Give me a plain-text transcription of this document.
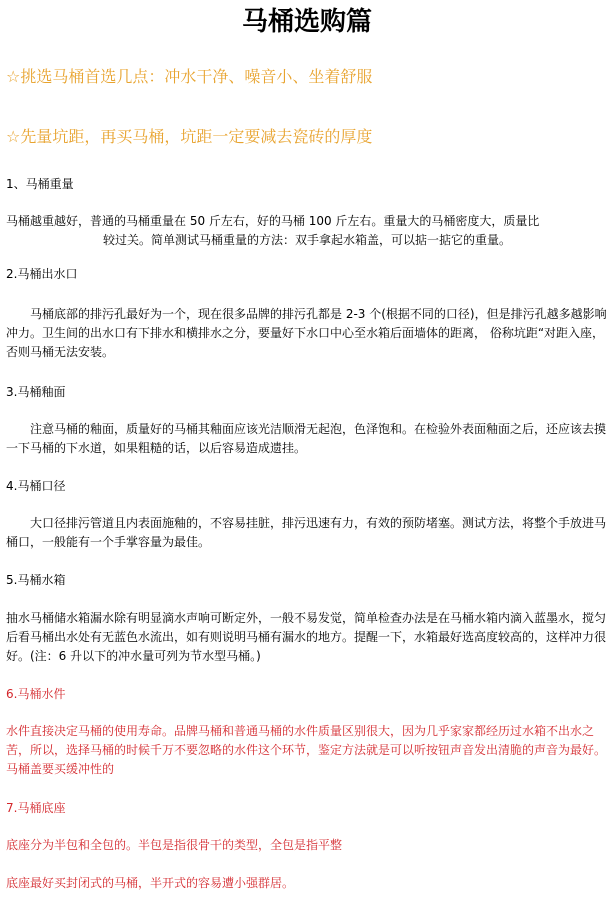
马桶选购篇
☆挑选马桶首选几点：冲水干净、噪音小、坐着舒服
☆先量坑距，再买马桶，坑距一定要减去瓷砖的厚度
1、马桶重量
马桶越重越好，普通的马桶重量在 50 斤左右，好的马桶 100 斤左右。重量大的马桶密度大，质量比
较过关。简单测试马桶重量的方法：双手拿起水箱盖，可以掂一掂它的重量。
2.马桶出水口
马桶底部的排污孔最好为一个，现在很多品牌的排污孔都是 2-3 个(根据不同的口径)，但是排污孔越多越影响冲力。卫生间的出水口有下排水和横排水之分，要量好下水口中心至水箱后面墙体的距离， 俗称坑距“对距入座，否则马桶无法安装。
3.马桶釉面
注意马桶的釉面，质量好的马桶其釉面应该光洁顺滑无起泡，色泽饱和。在检验外表面釉面之后，还应该去摸一下马桶的下水道，如果粗糙的话，以后容易造成遗挂。
4.马桶口径
大口径排污管道且内表面施釉的，不容易挂脏，排污迅速有力，有效的预防堵塞。测试方法，将整个手放进马桶口，一般能有一个手掌容量为最佳。
5.马桶水箱
抽水马桶储水箱漏水除有明显滴水声响可断定外，一般不易发觉，简单检查办法是在马桶水箱内滴入蓝墨水，搅匀后看马桶出水处有无蓝色水流出，如有则说明马桶有漏水的地方。提醒一下，水箱最好选高度较高的，这样冲力很好。(注：6 升以下的冲水量可列为节水型马桶。)
6.马桶水件
水件直接决定马桶的使用寿命。品牌马桶和普通马桶的水件质量区别很大，因为几乎家家都经历过水箱不出水之苦，所以，选择马桶的时候千万不要忽略的水件这个环节，鉴定方法就是可以听按钮声音发出清脆的声音为最好。 马桶盖要买缓冲性的
7.马桶底座
底座分为半包和全包的。半包是指很骨干的类型，全包是指平整
底座最好买封闭式的马桶，半开式的容易遭小强群居。
